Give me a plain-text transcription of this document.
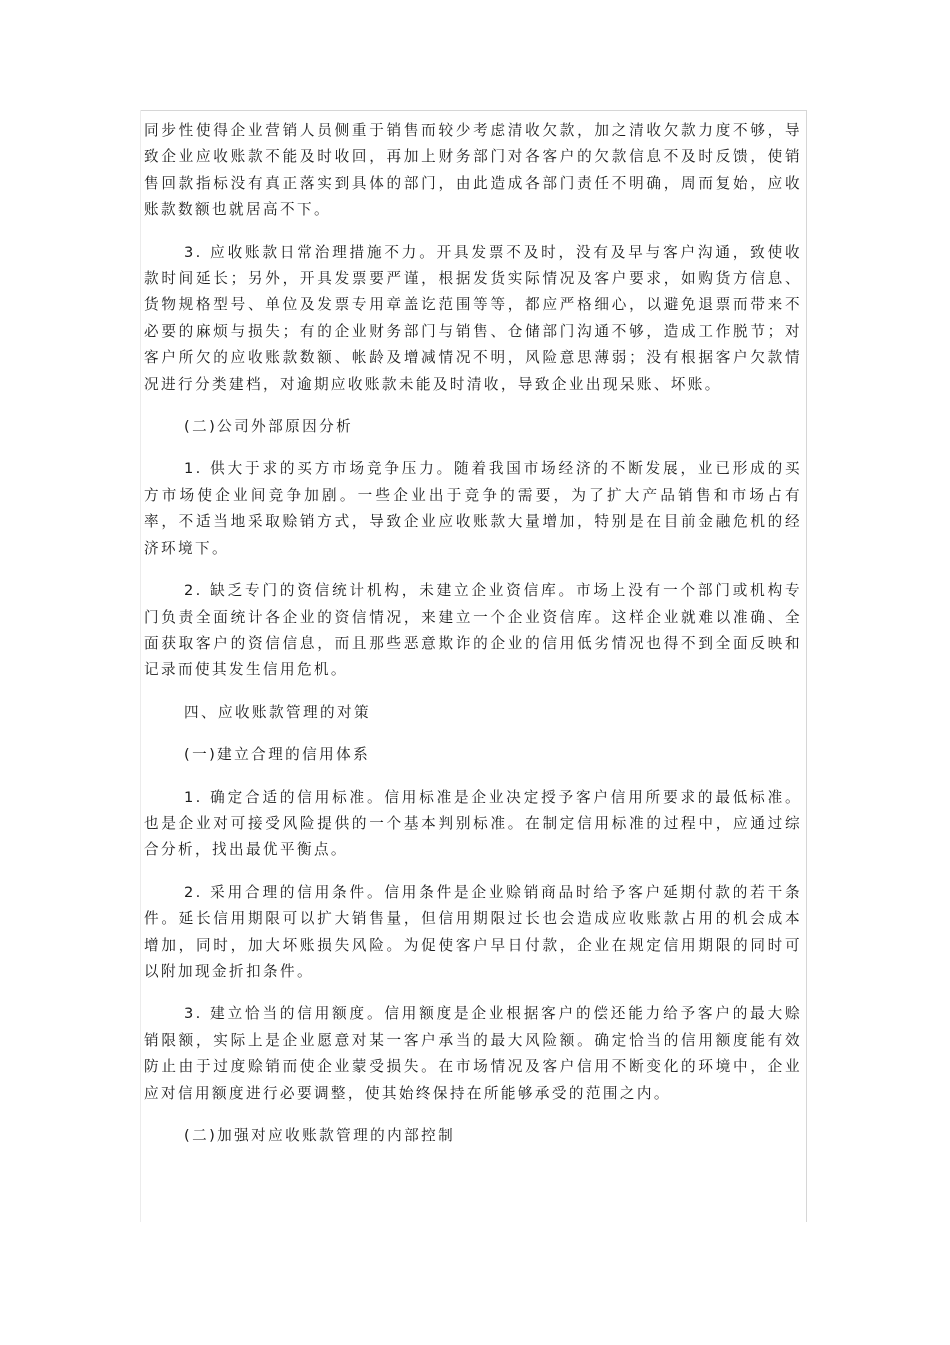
同步性使得企业营销人员侧重于销售而较少考虑清收欠款，加之清收欠款力度不够，导致企业应收账款不能及时收回，再加上财务部门对各客户的欠款信息不及时反馈，使销售回款指标没有真正落实到具体的部门，由此造成各部门责任不明确，周而复始，应收账款数额也就居高不下。

3. 应收账款日常治理措施不力。开具发票不及时，没有及早与客户沟通，致使收款时间延长；另外，开具发票要严谨，根据发货实际情况及客户要求，如购货方信息、货物规格型号、单位及发票专用章盖讫范围等等，都应严格细心，以避免退票而带来不必要的麻烦与损失；有的企业财务部门与销售、仓储部门沟通不够，造成工作脱节；对客户所欠的应收账款数额、帐龄及增减情况不明，风险意思薄弱；没有根据客户欠款情况进行分类建档，对逾期应收账款未能及时清收，导致企业出现呆账、坏账。

(二)公司外部原因分析

1. 供大于求的买方市场竞争压力。随着我国市场经济的不断发展，业已形成的买方市场使企业间竞争加剧。一些企业出于竞争的需要，为了扩大产品销售和市场占有率，不适当地采取赊销方式，导致企业应收账款大量增加，特别是在目前金融危机的经济环境下。

2. 缺乏专门的资信统计机构，未建立企业资信库。市场上没有一个部门或机构专门负责全面统计各企业的资信情况，来建立一个企业资信库。这样企业就难以准确、全面获取客户的资信信息，而且那些恶意欺诈的企业的信用低劣情况也得不到全面反映和记录而使其发生信用危机。

四、应收账款管理的对策

(一)建立合理的信用体系

1. 确定合适的信用标准。信用标准是企业决定授予客户信用所要求的最低标准。也是企业对可接受风险提供的一个基本判别标准。在制定信用标准的过程中，应通过综合分析，找出最优平衡点。

2. 采用合理的信用条件。信用条件是企业赊销商品时给予客户延期付款的若干条件。延长信用期限可以扩大销售量，但信用期限过长也会造成应收账款占用的机会成本增加，同时，加大坏账损失风险。为促使客户早日付款，企业在规定信用期限的同时可以附加现金折扣条件。

3. 建立恰当的信用额度。信用额度是企业根据客户的偿还能力给予客户的最大赊销限额，实际上是企业愿意对某一客户承当的最大风险额。确定恰当的信用额度能有效防止由于过度赊销而使企业蒙受损失。在市场情况及客户信用不断变化的环境中，企业应对信用额度进行必要调整，使其始终保持在所能够承受的范围之内。

(二)加强对应收账款管理的内部控制
